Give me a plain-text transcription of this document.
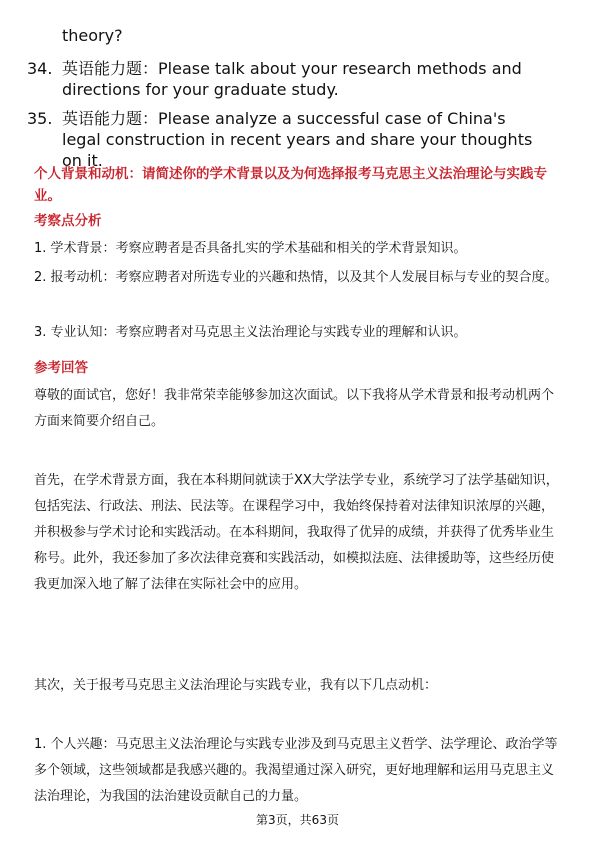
theory?
34. 英语能力题：Please talk about your research methods and directions for your graduate study.
35. 英语能力题：Please analyze a successful case of China's legal construction in recent years and share your thoughts on it.
个人背景和动机：请简述你的学术背景以及为何选择报考马克思主义法治理论与实践专业。
考察点分析
1. 学术背景：考察应聘者是否具备扎实的学术基础和相关的学术背景知识。
2. 报考动机：考察应聘者对所选专业的兴趣和热情，以及其个人发展目标与专业的契合度。
3. 专业认知：考察应聘者对马克思主义法治理论与实践专业的理解和认识。
参考回答
尊敬的面试官，您好！我非常荣幸能够参加这次面试。以下我将从学术背景和报考动机两个方面来简要介绍自己。
首先，在学术背景方面，我在本科期间就读于XX大学法学专业，系统学习了法学基础知识，包括宪法、行政法、刑法、民法等。在课程学习中，我始终保持着对法律知识浓厚的兴趣，并积极参与学术讨论和实践活动。在本科期间，我取得了优异的成绩，并获得了优秀毕业生称号。此外，我还参加了多次法律竞赛和实践活动，如模拟法庭、法律援助等，这些经历使我更加深入地了解了法律在实际社会中的应用。
其次，关于报考马克思主义法治理论与实践专业，我有以下几点动机：
1. 个人兴趣：马克思主义法治理论与实践专业涉及到马克思主义哲学、法学理论、政治学等多个领域，这些领域都是我感兴趣的。我渴望通过深入研究，更好地理解和运用马克思主义法治理论，为我国的法治建设贡献自己的力量。
第3页，共63页
